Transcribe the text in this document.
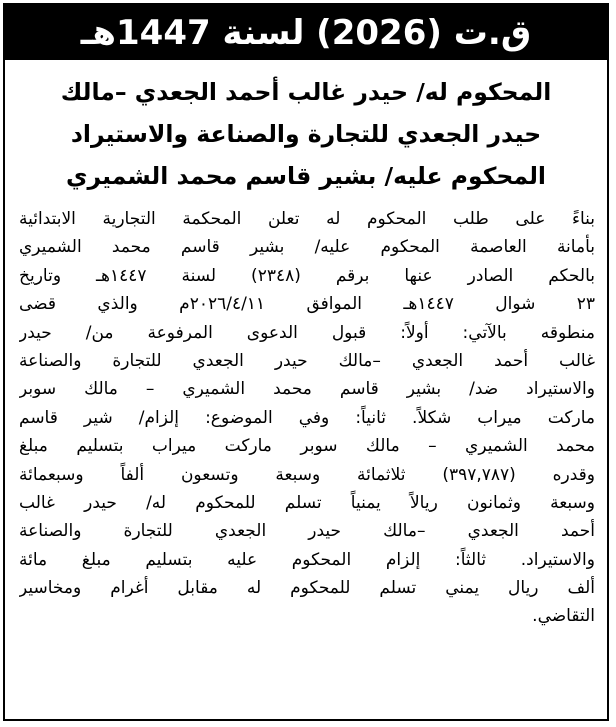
ق.ت (2026) لسنة 1447هـ
المحكوم له/ حيدر غالب أحمد الجعدي –مالك
حيدر الجعدي للتجارة والصناعة والاستيراد
المحكوم عليه/ بشير قاسم محمد الشميري
بناءً على طلب المحكوم له تعلن المحكمة التجارية الابتدائية
بأمانة العاصمة المحكوم عليه/ بشير قاسم محمد الشميري
بالحكم الصادر عنها برقم (٢٣٤٨) لسنة ١٤٤٧هـ وتاريخ
٢٣ شوال ١٤٤٧هـ الموافق ٢٠٢٦/٤/١١م والذي قضى
منطوقه بالآتي: أولاً: قبول الدعوى المرفوعة من/ حيدر
غالب أحمد الجعدي –مالك حيدر الجعدي للتجارة والصناعة
والاستيراد ضد/ بشير قاسم محمد الشميري – مالك سوبر
ماركت ميراب شكلاً. ثانياً: وفي الموضوع: إلزام/ شير قاسم
محمد الشميري – مالك سوبر ماركت ميراب بتسليم مبلغ
وقدره (٣٩٧,٧٨٧) ثلاثمائة وسبعة وتسعون ألفاً وسبعمائة
وسبعة وثمانون ريالاً يمنياً تسلم للمحكوم له/ حيدر غالب
أحمد الجعدي –مالك حيدر الجعدي للتجارة والصناعة
والاستيراد. ثالثاً: إلزام المحكوم عليه بتسليم مبلغ مائة
ألف ريال يمني تسلم للمحكوم له مقابل أغرام ومخاسير
التقاضي.
